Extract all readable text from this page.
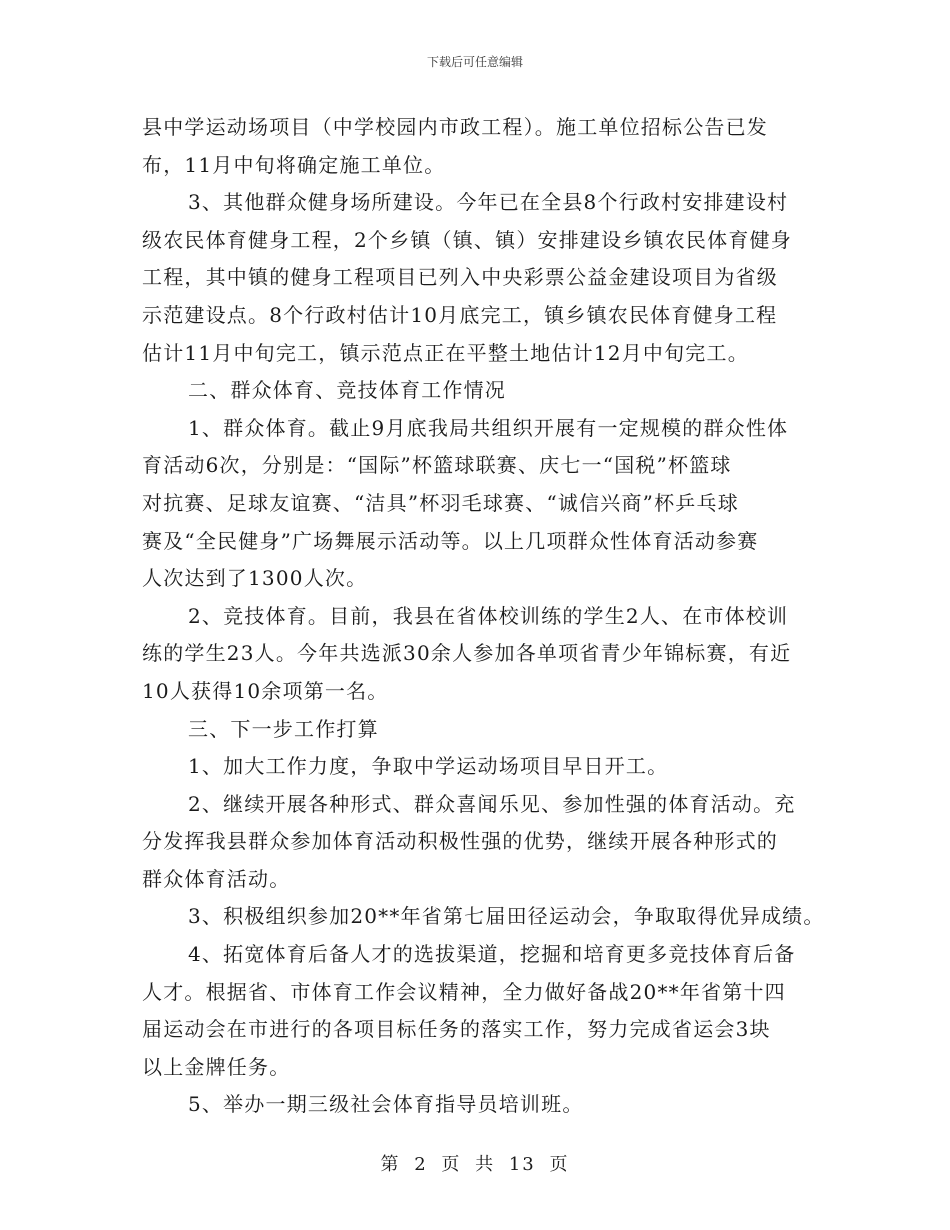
下载后可任意编辑
县中学运动场项目（中学校园内市政工程）。施工单位招标公告已发
布，11月中旬将确定施工单位。
3、其他群众健身场所建设。今年已在全县8个行政村安排建设村
级农民体育健身工程，2个乡镇（镇、镇）安排建设乡镇农民体育健身
工程，其中镇的健身工程项目已列入中央彩票公益金建设项目为省级
示范建设点。8个行政村估计10月底完工，镇乡镇农民体育健身工程
估计11月中旬完工，镇示范点正在平整土地估计12月中旬完工。
二、群众体育、竞技体育工作情况
1、群众体育。截止9月底我局共组织开展有一定规模的群众性体
育活动6次，分别是：“国际”杯篮球联赛、庆七一“国税”杯篮球
对抗赛、足球友谊赛、“洁具”杯羽毛球赛、“诚信兴商”杯乒乓球
赛及“全民健身”广场舞展示活动等。以上几项群众性体育活动参赛
人次达到了1300人次。
2、竞技体育。目前，我县在省体校训练的学生2人、在市体校训
练的学生23人。今年共选派30余人参加各单项省青少年锦标赛，有近
10人获得10余项第一名。
三、下一步工作打算
1、加大工作力度，争取中学运动场项目早日开工。
2、继续开展各种形式、群众喜闻乐见、参加性强的体育活动。充
分发挥我县群众参加体育活动积极性强的优势，继续开展各种形式的
群众体育活动。
3、积极组织参加20**年省第七届田径运动会，争取取得优异成绩。
4、拓宽体育后备人才的选拔渠道，挖掘和培育更多竞技体育后备
人才。根据省、市体育工作会议精神，全力做好备战20**年省第十四
届运动会在市进行的各项目标任务的落实工作，努力完成省运会3块
以上金牌任务。
5、举办一期三级社会体育指导员培训班。
第 2 页 共 13 页
